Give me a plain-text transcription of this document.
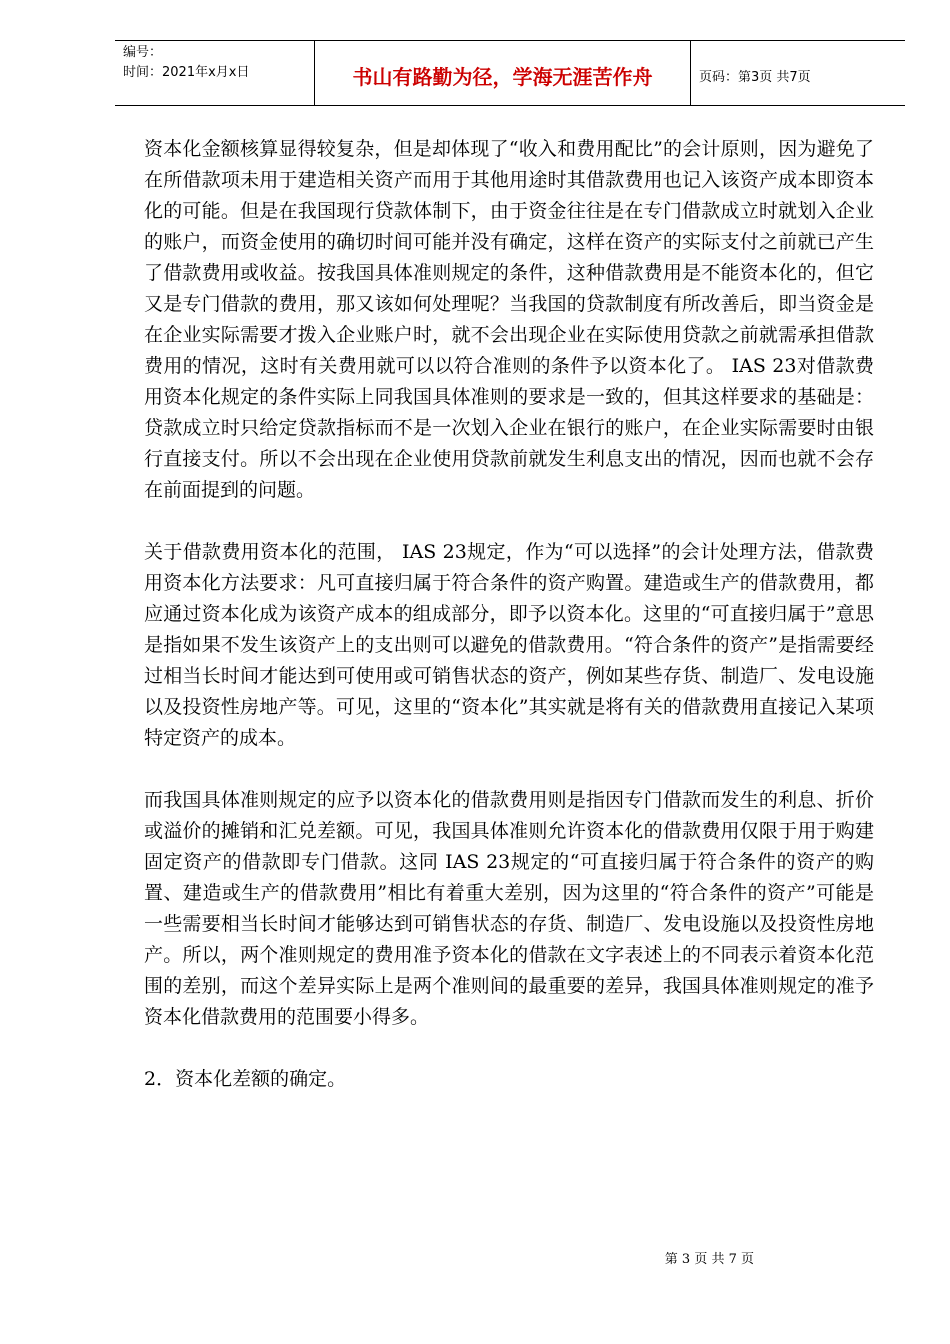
编号：
时间：2021年x月x日	书山有路勤为径，学海无涯苦作舟	页码：第3页 共7页

资本化金额核算显得较复杂，但是却体现了“收入和费用配比”的会计原则，因为避免了在所借款项未用于建造相关资产而用于其他用途时其借款费用也记入该资产成本即资本化的可能。但是在我国现行贷款体制下，由于资金往往是在专门借款成立时就划入企业的账户，而资金使用的确切时间可能并没有确定，这样在资产的实际支付之前就已产生了借款费用或收益。按我国具体准则规定的条件，这种借款费用是不能资本化的，但它又是专门借款的费用，那又该如何处理呢？当我国的贷款制度有所改善后，即当资金是在企业实际需要才拨入企业账户时，就不会出现企业在实际使用贷款之前就需承担借款费用的情况，这时有关费用就可以以符合准则的条件予以资本化了。 IAS 23对借款费用资本化规定的条件实际上同我国具体准则的要求是一致的，但其这样要求的基础是：贷款成立时只给定贷款指标而不是一次划入企业在银行的账户，在企业实际需要时由银行直接支付。所以不会出现在企业使用贷款前就发生利息支出的情况，因而也就不会存在前面提到的问题。

关于借款费用资本化的范围， IAS 23规定，作为“可以选择”的会计处理方法，借款费用资本化方法要求：凡可直接归属于符合条件的资产购置。建造或生产的借款费用，都应通过资本化成为该资产成本的组成部分，即予以资本化。这里的“可直接归属于”意思是指如果不发生该资产上的支出则可以避免的借款费用。“符合条件的资产”是指需要经过相当长时间才能达到可使用或可销售状态的资产，例如某些存货、制造厂、发电设施以及投资性房地产等。可见，这里的“资本化”其实就是将有关的借款费用直接记入某项特定资产的成本。

而我国具体准则规定的应予以资本化的借款费用则是指因专门借款而发生的利息、折价或溢价的摊销和汇兑差额。可见，我国具体准则允许资本化的借款费用仅限于用于购建固定资产的借款即专门借款。这同 IAS 23规定的“可直接归属于符合条件的资产的购置、建造或生产的借款费用”相比有着重大差别，因为这里的“符合条件的资产”可能是一些需要相当长时间才能够达到可销售状态的存货、制造厂、发电设施以及投资性房地产。所以，两个准则规定的费用准予资本化的借款在文字表述上的不同表示着资本化范围的差别，而这个差异实际上是两个准则间的最重要的差异，我国具体准则规定的准予资本化借款费用的范围要小得多。

2．资本化差额的确定。

第 3 页 共 7 页
